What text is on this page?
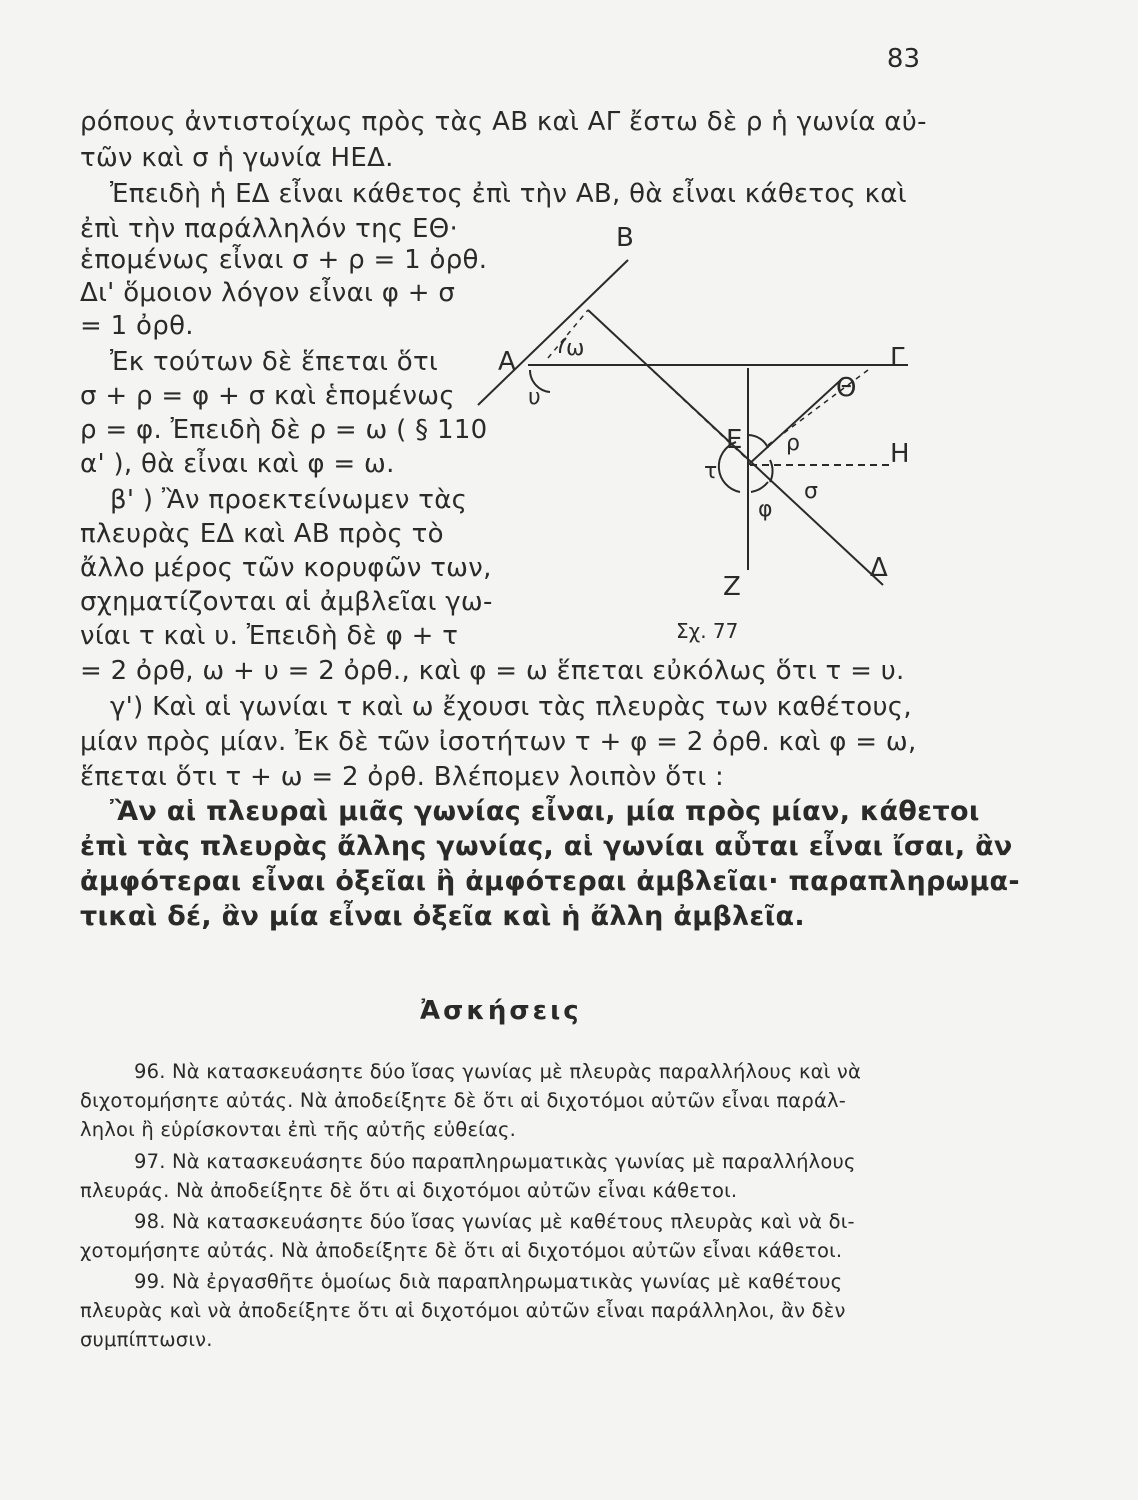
83
ρόπους ἀντιστοίχως πρὸς τὰς ΑΒ καὶ ΑΓ ἔστω δὲ ρ ἡ γωνία αὐ-
τῶν καὶ σ ἡ γωνία ΗΕΔ.
Ἐπειδὴ ἡ ΕΔ εἶναι κάθετος ἐπὶ τὴν ΑΒ, θὰ εἶναι κάθετος καὶ
ἐπὶ τὴν παράλληλόν της ΕΘ·
ἑπομένως εἶναι σ + ρ = 1 ὀρθ.
Δι' ὅμοιον λόγον εἶναι φ + σ
= 1 ὀρθ.
Ἐκ τούτων δὲ ἕπεται ὅτι
σ + ρ = φ + σ καὶ ἑπομένως
ρ = φ. Ἐπειδὴ δὲ ρ = ω ( § 110
α' ), θὰ εἶναι καὶ φ = ω.
β' ) Ἂν προεκτείνωμεν τὰς
πλευρὰς ΕΔ καὶ ΑΒ πρὸς τὸ
ἄλλο μέρος τῶν κορυφῶν των,
σχηματίζονται αἱ ἀμβλεῖαι γω-
νίαι τ καὶ υ. Ἐπειδὴ δὲ φ + τ
= 2 ὀρθ, ω + υ = 2 ὀρθ., καὶ φ = ω ἕπεται εὐκόλως ὅτι τ = υ.
γ') Καὶ αἱ γωνίαι τ καὶ ω ἔχουσι τὰς πλευρὰς των καθέτους,
μίαν πρὸς μίαν. Ἐκ δὲ τῶν ἰσοτήτων τ + φ = 2 ὀρθ. καὶ φ = ω,
ἕπεται ὅτι τ + ω = 2 ὀρθ. Βλέπομεν λοιπὸν ὅτι :
Ἂν αἱ πλευραὶ μιᾶς γωνίας εἶναι, μία πρὸς μίαν, κάθετοι
ἐπὶ τὰς πλευρὰς ἄλλης γωνίας, αἱ γωνίαι αὗται εἶναι ἴσαι, ἂν
ἀμφότεραι εἶναι ὀξεῖαι ἢ ἀμφότεραι ἀμβλεῖαι· παραπληρωμα-
τικαὶ δέ, ἂν μία εἶναι ὀξεῖα καὶ ἡ ἄλλη ἀμβλεῖα.
Ἀσκήσεις
96. Νὰ κατασκευάσητε δύο ἴσας γωνίας μὲ πλευρὰς παραλλήλους καὶ νὰ
διχοτομήσητε αὐτάς. Νὰ ἀποδείξητε δὲ ὅτι αἱ διχοτόμοι αὐτῶν εἶναι παράλ-
ληλοι ἢ εὑρίσκονται ἐπὶ τῆς αὐτῆς εὐθείας.
97. Νὰ κατασκευάσητε δύο παραπληρωματικὰς γωνίας μὲ παραλλήλους
πλευράς. Νὰ ἀποδείξητε δὲ ὅτι αἱ διχοτόμοι αὐτῶν εἶναι κάθετοι.
98. Νὰ κατασκευάσητε δύο ἴσας γωνίας μὲ καθέτους πλευρὰς καὶ νὰ δι-
χοτομήσητε αὐτάς. Νὰ ἀποδείξητε δὲ ὅτι αἱ διχοτόμοι αὐτῶν εἶναι κάθετοι.
99. Νὰ ἐργασθῆτε ὁμοίως διὰ παραπληρωματικὰς γωνίας μὲ καθέτους
πλευρὰς καὶ νὰ ἀποδείξητε ὅτι αἱ διχοτόμοι αὐτῶν εἶναι παράλληλοι, ἂν δὲν
συμπίπτωσιν.
Β
Α	Γ
Θ
Ε	Η
Ζ
Δ
ω
υ
ρ
σ
φ
τ
Σχ. 77
